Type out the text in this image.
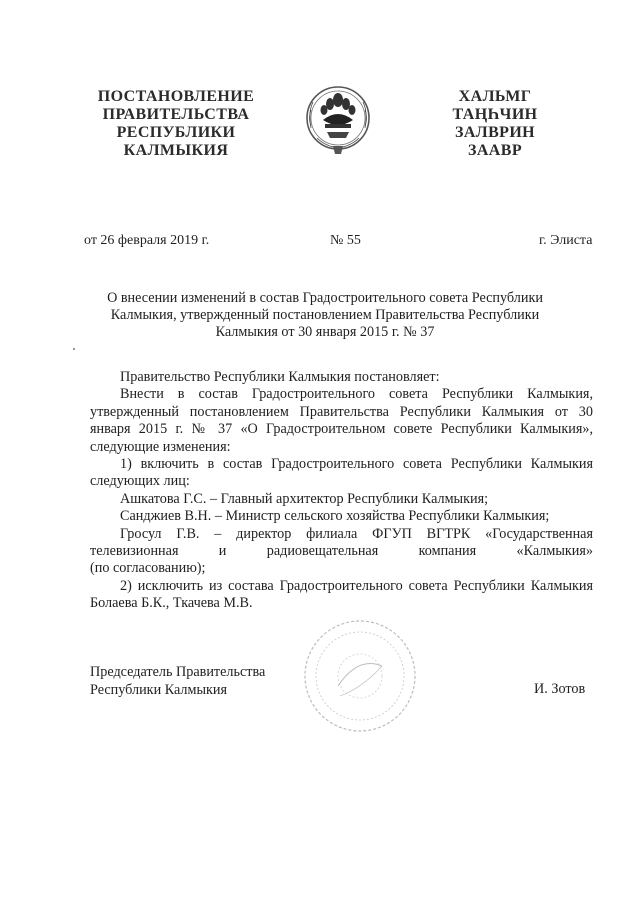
ПОСТАНОВЛЕНИЕ
ПРАВИТЕЛЬСТВА
РЕСПУБЛИКИ
КАЛМЫКИЯ
ХАЛЬМГ
ТАҢҺЧИН
ЗАЛВРИН
ЗААВР
от 26 февраля 2019 г.	№ 55	г. Элиста
О внесении изменений в состав Градостроительного совета Республики
Калмыкия, утвержденный постановлением Правительства Республики
Калмыкия от 30 января 2015 г. № 37
Правительство Республики Калмыкия постановляет:
Внести в состав Градостроительного совета Республики Калмыкия, утвержденный постановлением Правительства Республики Калмыкия от 30 января 2015 г. № 37 «О Градостроительном совете Республики Калмыкия», следующие изменения:
1) включить в состав Градостроительного совета Республики Калмыкия следующих лиц:
Ашкатова Г.С. – Главный архитектор Республики Калмыкия;
Санджиев В.Н. – Министр сельского хозяйства Республики Калмыкия;
Гросул Г.В. – директор филиала ФГУП ВГТРК «Государственная
телевизионная и радиовещательная компания «Калмыкия»
(по согласованию);
2) исключить из состава Градостроительного совета Республики Калмыкия Болаева Б.К., Ткачева М.В.
Председатель Правительства
Республики Калмыкия	И. Зотов
